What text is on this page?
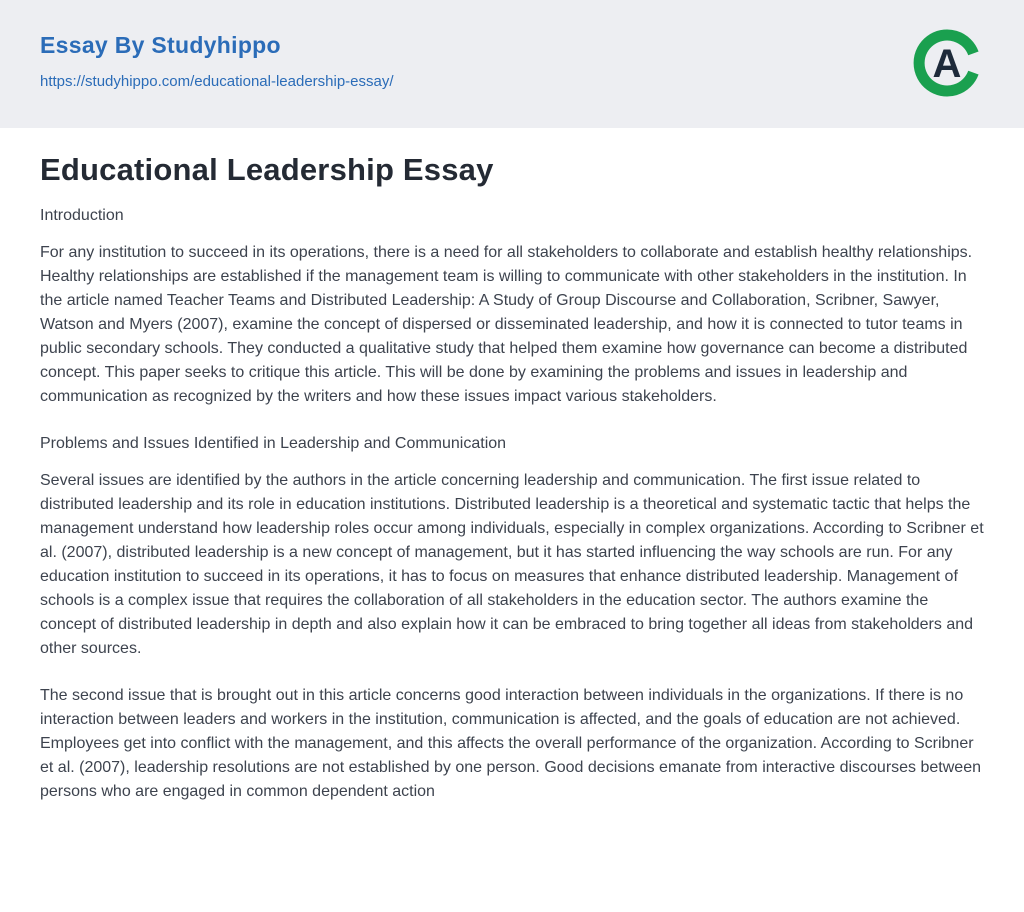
Essay By Studyhippo
https://studyhippo.com/educational-leadership-essay/	A
Educational Leadership Essay

Introduction

For any institution to succeed in its operations, there is a need for all stakeholders to collaborate and establish healthy relationships. Healthy relationships are established if the management team is willing to communicate with other stakeholders in the institution. In the article named Teacher Teams and Distributed Leadership: A Study of Group Discourse and Collaboration, Scribner, Sawyer, Watson and Myers (2007), examine the concept of dispersed or disseminated leadership, and how it is connected to tutor teams in public secondary schools. They conducted a qualitative study that helped them examine how governance can become a distributed concept. This paper seeks to critique this article. This will be done by examining the problems and issues in leadership and communication as recognized by the writers and how these issues impact various stakeholders.

Problems and Issues Identified in Leadership and Communication

Several issues are identified by the authors in the article concerning leadership and communication. The first issue related to distributed leadership and its role in education institutions. Distributed leadership is a theoretical and systematic tactic that helps the management understand how leadership roles occur among individuals, especially in complex organizations. According to Scribner et al. (2007), distributed leadership is a new concept of management, but it has started influencing the way schools are run. For any education institution to succeed in its operations, it has to focus on measures that enhance distributed leadership. Management of schools is a complex issue that requires the collaboration of all stakeholders in the education sector. The authors examine the concept of distributed leadership in depth and also explain how it can be embraced to bring together all ideas from stakeholders and other sources.

The second issue that is brought out in this article concerns good interaction between individuals in the organizations. If there is no interaction between leaders and workers in the institution, communication is affected, and the goals of education are not achieved. Employees get into conflict with the management, and this affects the overall performance of the organization. According to Scribner et al. (2007), leadership resolutions are not established by one person. Good decisions emanate from interactive discourses between persons who are engaged in common dependent action
